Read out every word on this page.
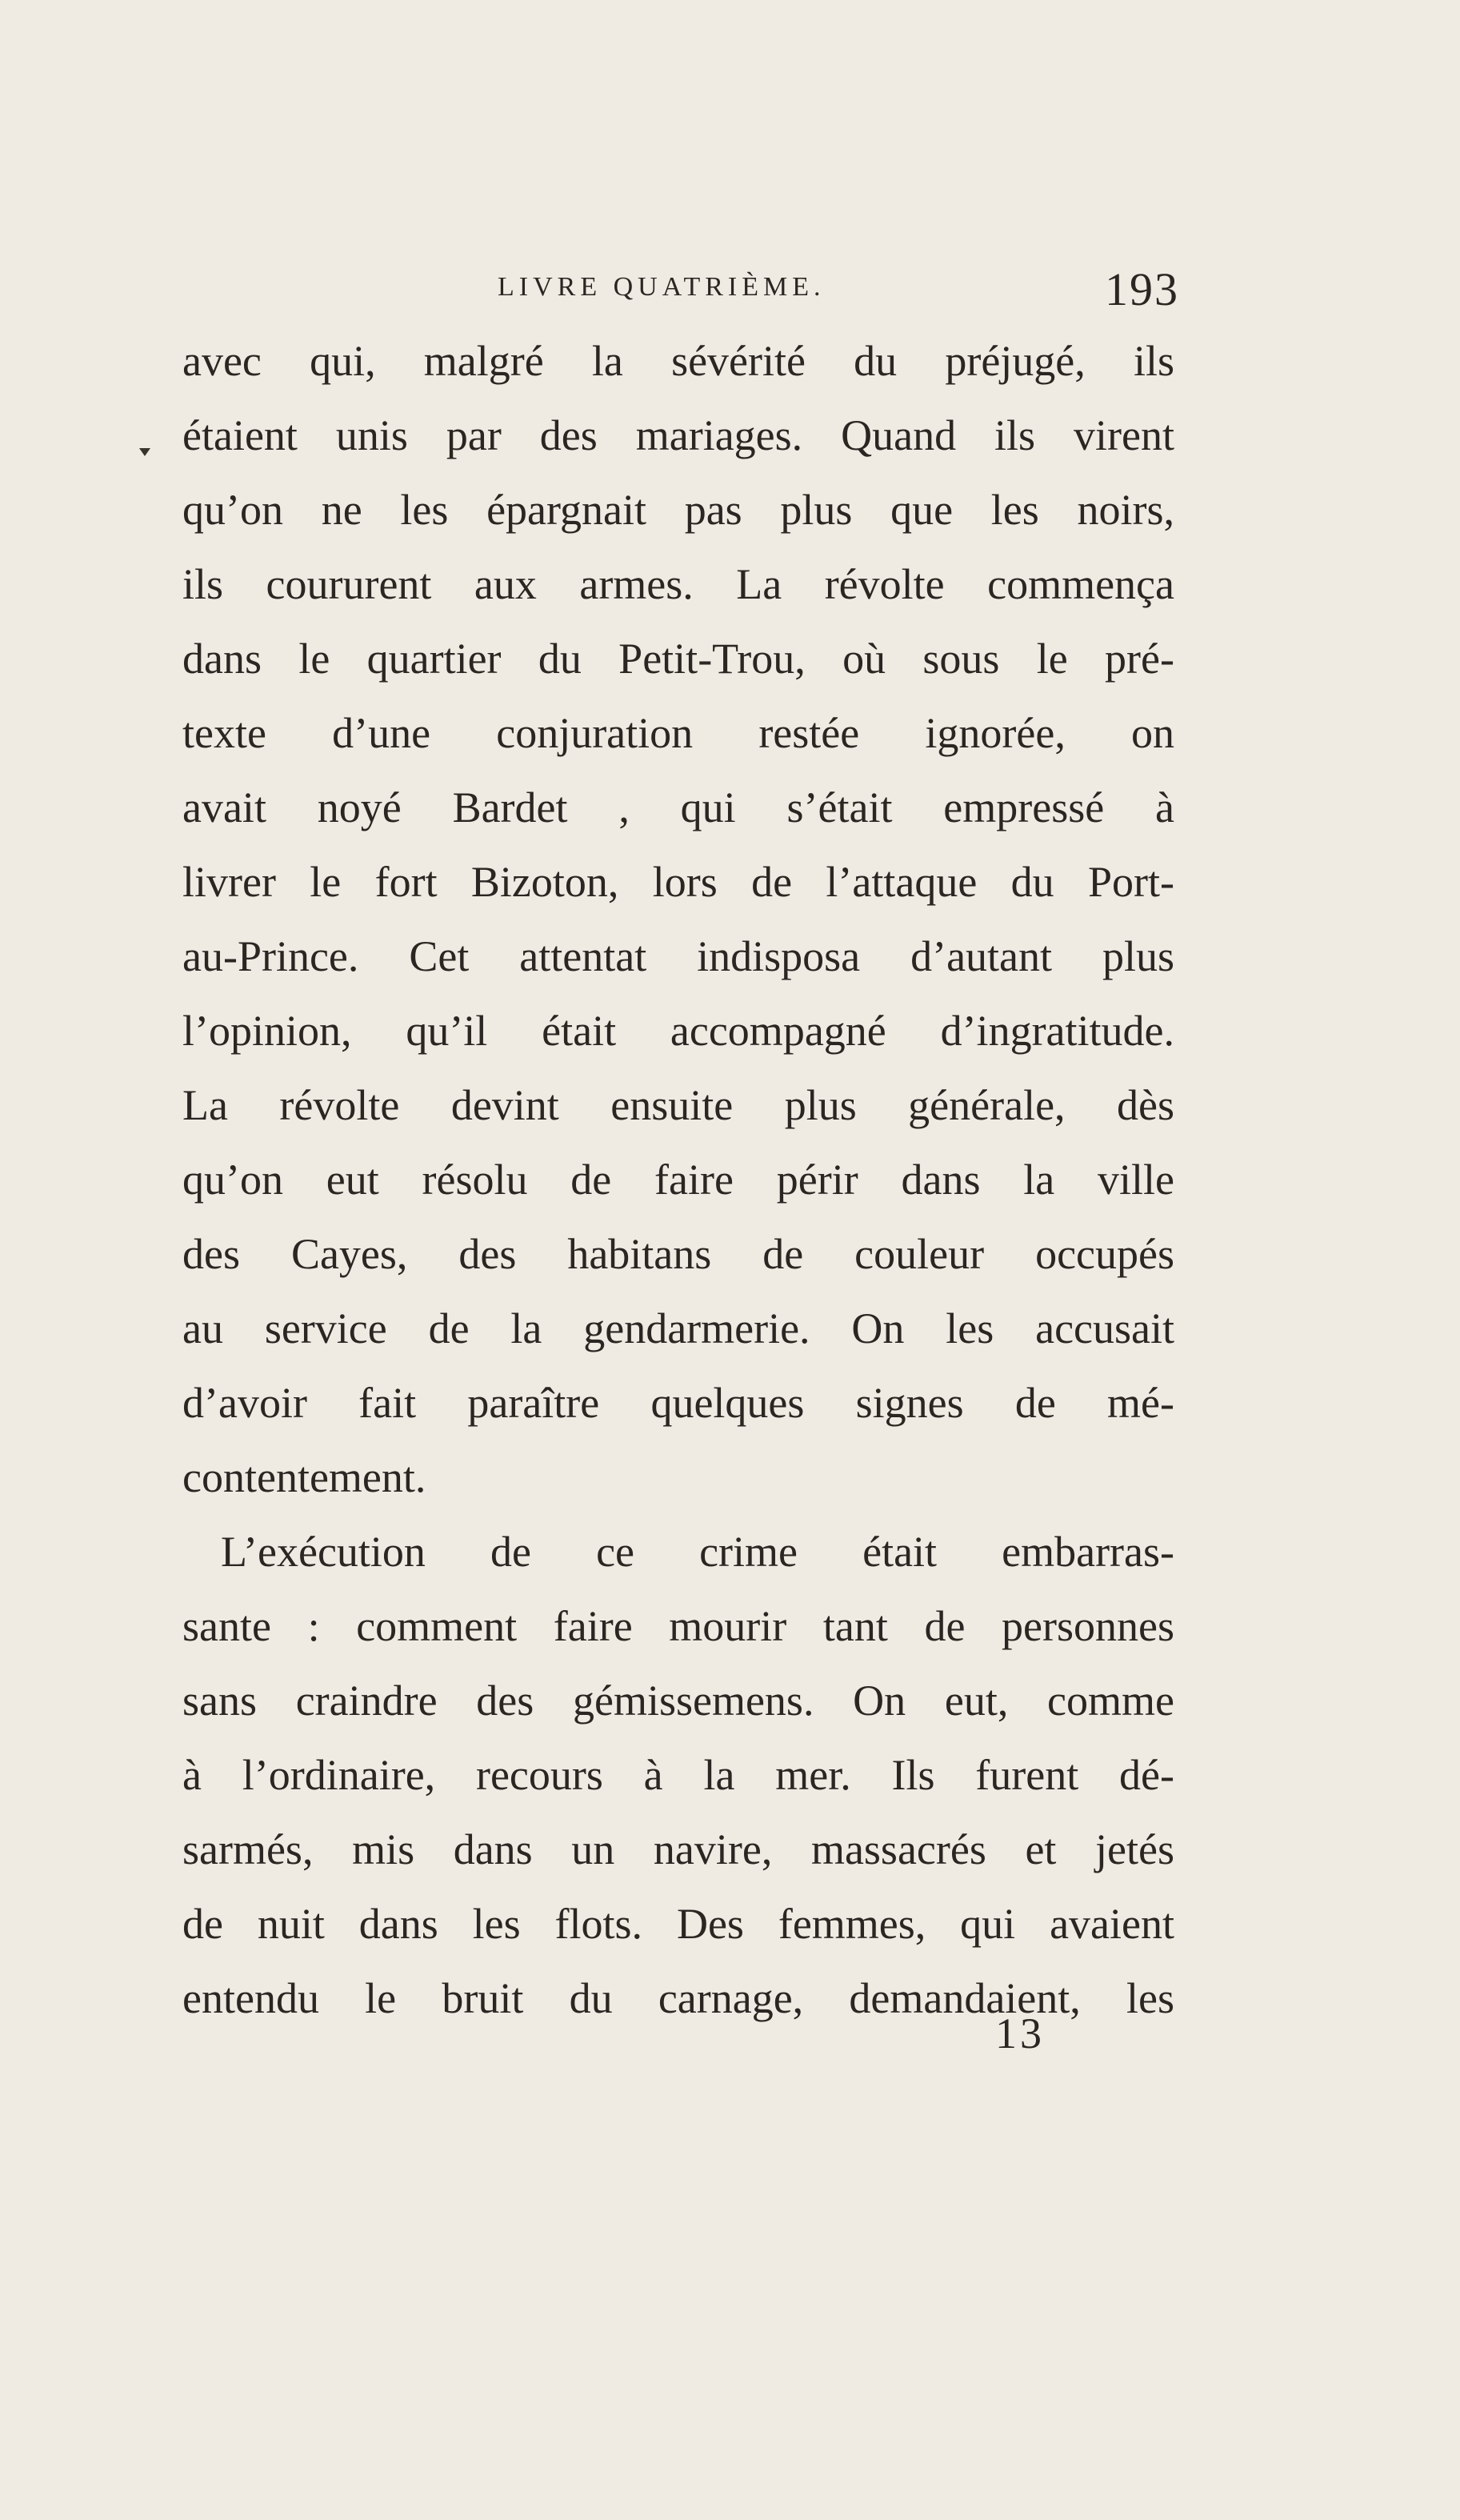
LIVRE QUATRIÈME.	193
avec qui, malgré la sévérité du préjugé, ils
étaient unis par des mariages. Quand ils virent
qu’on ne les épargnait pas plus que les noirs,
ils coururent aux armes. La révolte commença
dans le quartier du Petit-Trou, où sous le pré-
texte d’une conjuration restée ignorée, on
avait noyé Bardet , qui s’était empressé à
livrer le fort Bizoton, lors de l’attaque du Port-
au-Prince. Cet attentat indisposa d’autant plus
l’opinion, qu’il était accompagné d’ingratitude.
La révolte devint ensuite plus générale, dès
qu’on eut résolu de faire périr dans la ville
des Cayes, des habitans de couleur occupés
au service de la gendarmerie. On les accusait
d’avoir fait paraître quelques signes de mé-
contentement.
L’exécution de ce crime était embarras-
sante : comment faire mourir tant de personnes
sans craindre des gémissemens. On eut, comme
à l’ordinaire, recours à la mer. Ils furent dé-
sarmés, mis dans un navire, massacrés et jetés
de nuit dans les flots. Des femmes, qui avaient
entendu le bruit du carnage, demandaient, les
13
